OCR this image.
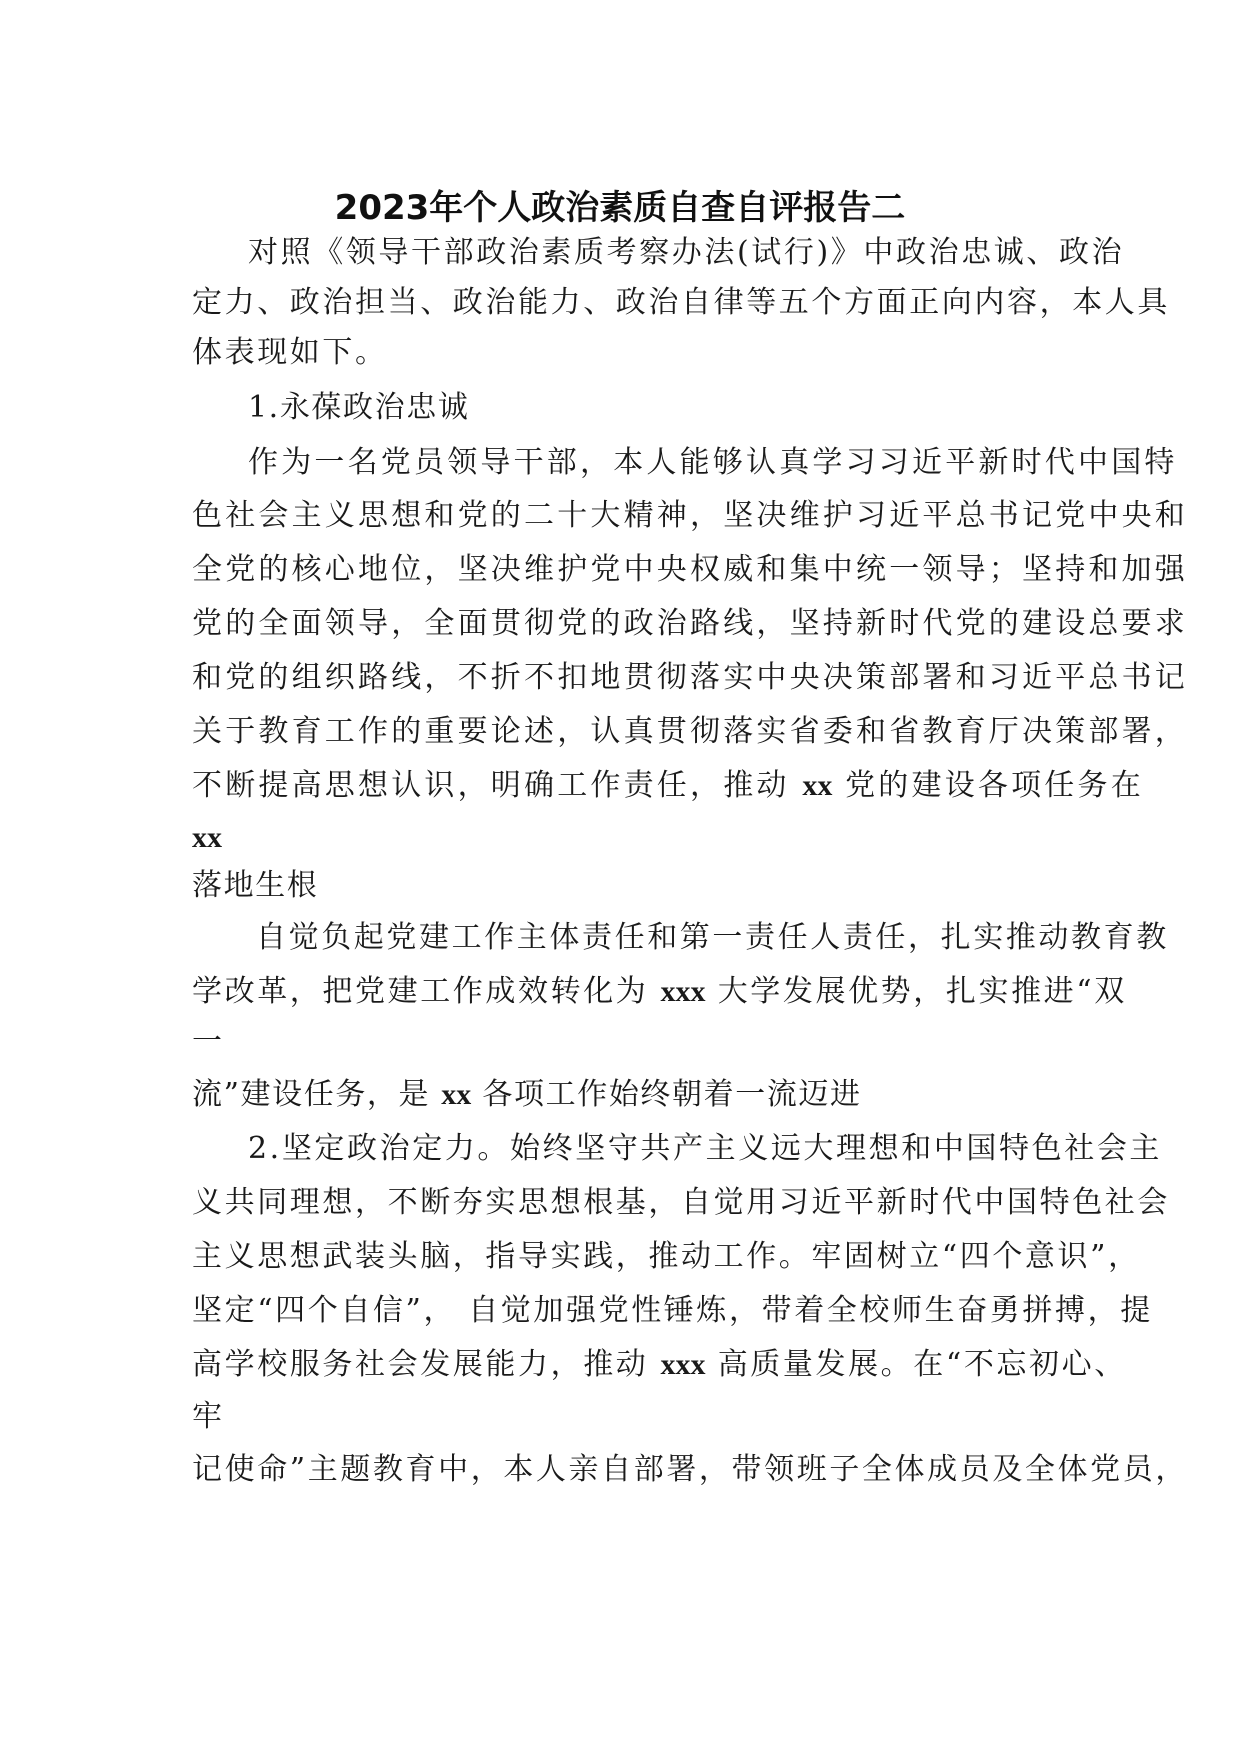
2023年个人政治素质自查自评报告二
对照《领导干部政治素质考察办法(试行)》中政治忠诚、政治
定力、政治担当、政治能力、政治自律等五个方面正向内容，本人具
体表现如下。
1.永葆政治忠诚
作为一名党员领导干部，本人能够认真学习习近平新时代中国特
色社会主义思想和党的二十大精神，坚决维护习近平总书记党中央和
全党的核心地位，坚决维护党中央权威和集中统一领导；坚持和加强
党的全面领导，全面贯彻党的政治路线，坚持新时代党的建设总要求
和党的组织路线，不折不扣地贯彻落实中央决策部署和习近平总书记
关于教育工作的重要论述，认真贯彻落实省委和省教育厅决策部署，
不断提高思想认识，明确工作责任，推动 xx 党的建设各项任务在
xx
落地生根
自觉负起党建工作主体责任和第一责任人责任，扎实推动教育教
学改革，把党建工作成效转化为 xxx 大学发展优势，扎实推进“双
一
流”建设任务，是 xx 各项工作始终朝着一流迈进
2.坚定政治定力。始终坚守共产主义远大理想和中国特色社会主
义共同理想，不断夯实思想根基，自觉用习近平新时代中国特色社会
主义思想武装头脑，指导实践，推动工作。牢固树立“四个意识”，
坚定“四个自信”， 自觉加强党性锤炼，带着全校师生奋勇拼搏，提
高学校服务社会发展能力，推动 xxx 高质量发展。在“不忘初心、
牢
记使命”主题教育中，本人亲自部署，带领班子全体成员及全体党员，
